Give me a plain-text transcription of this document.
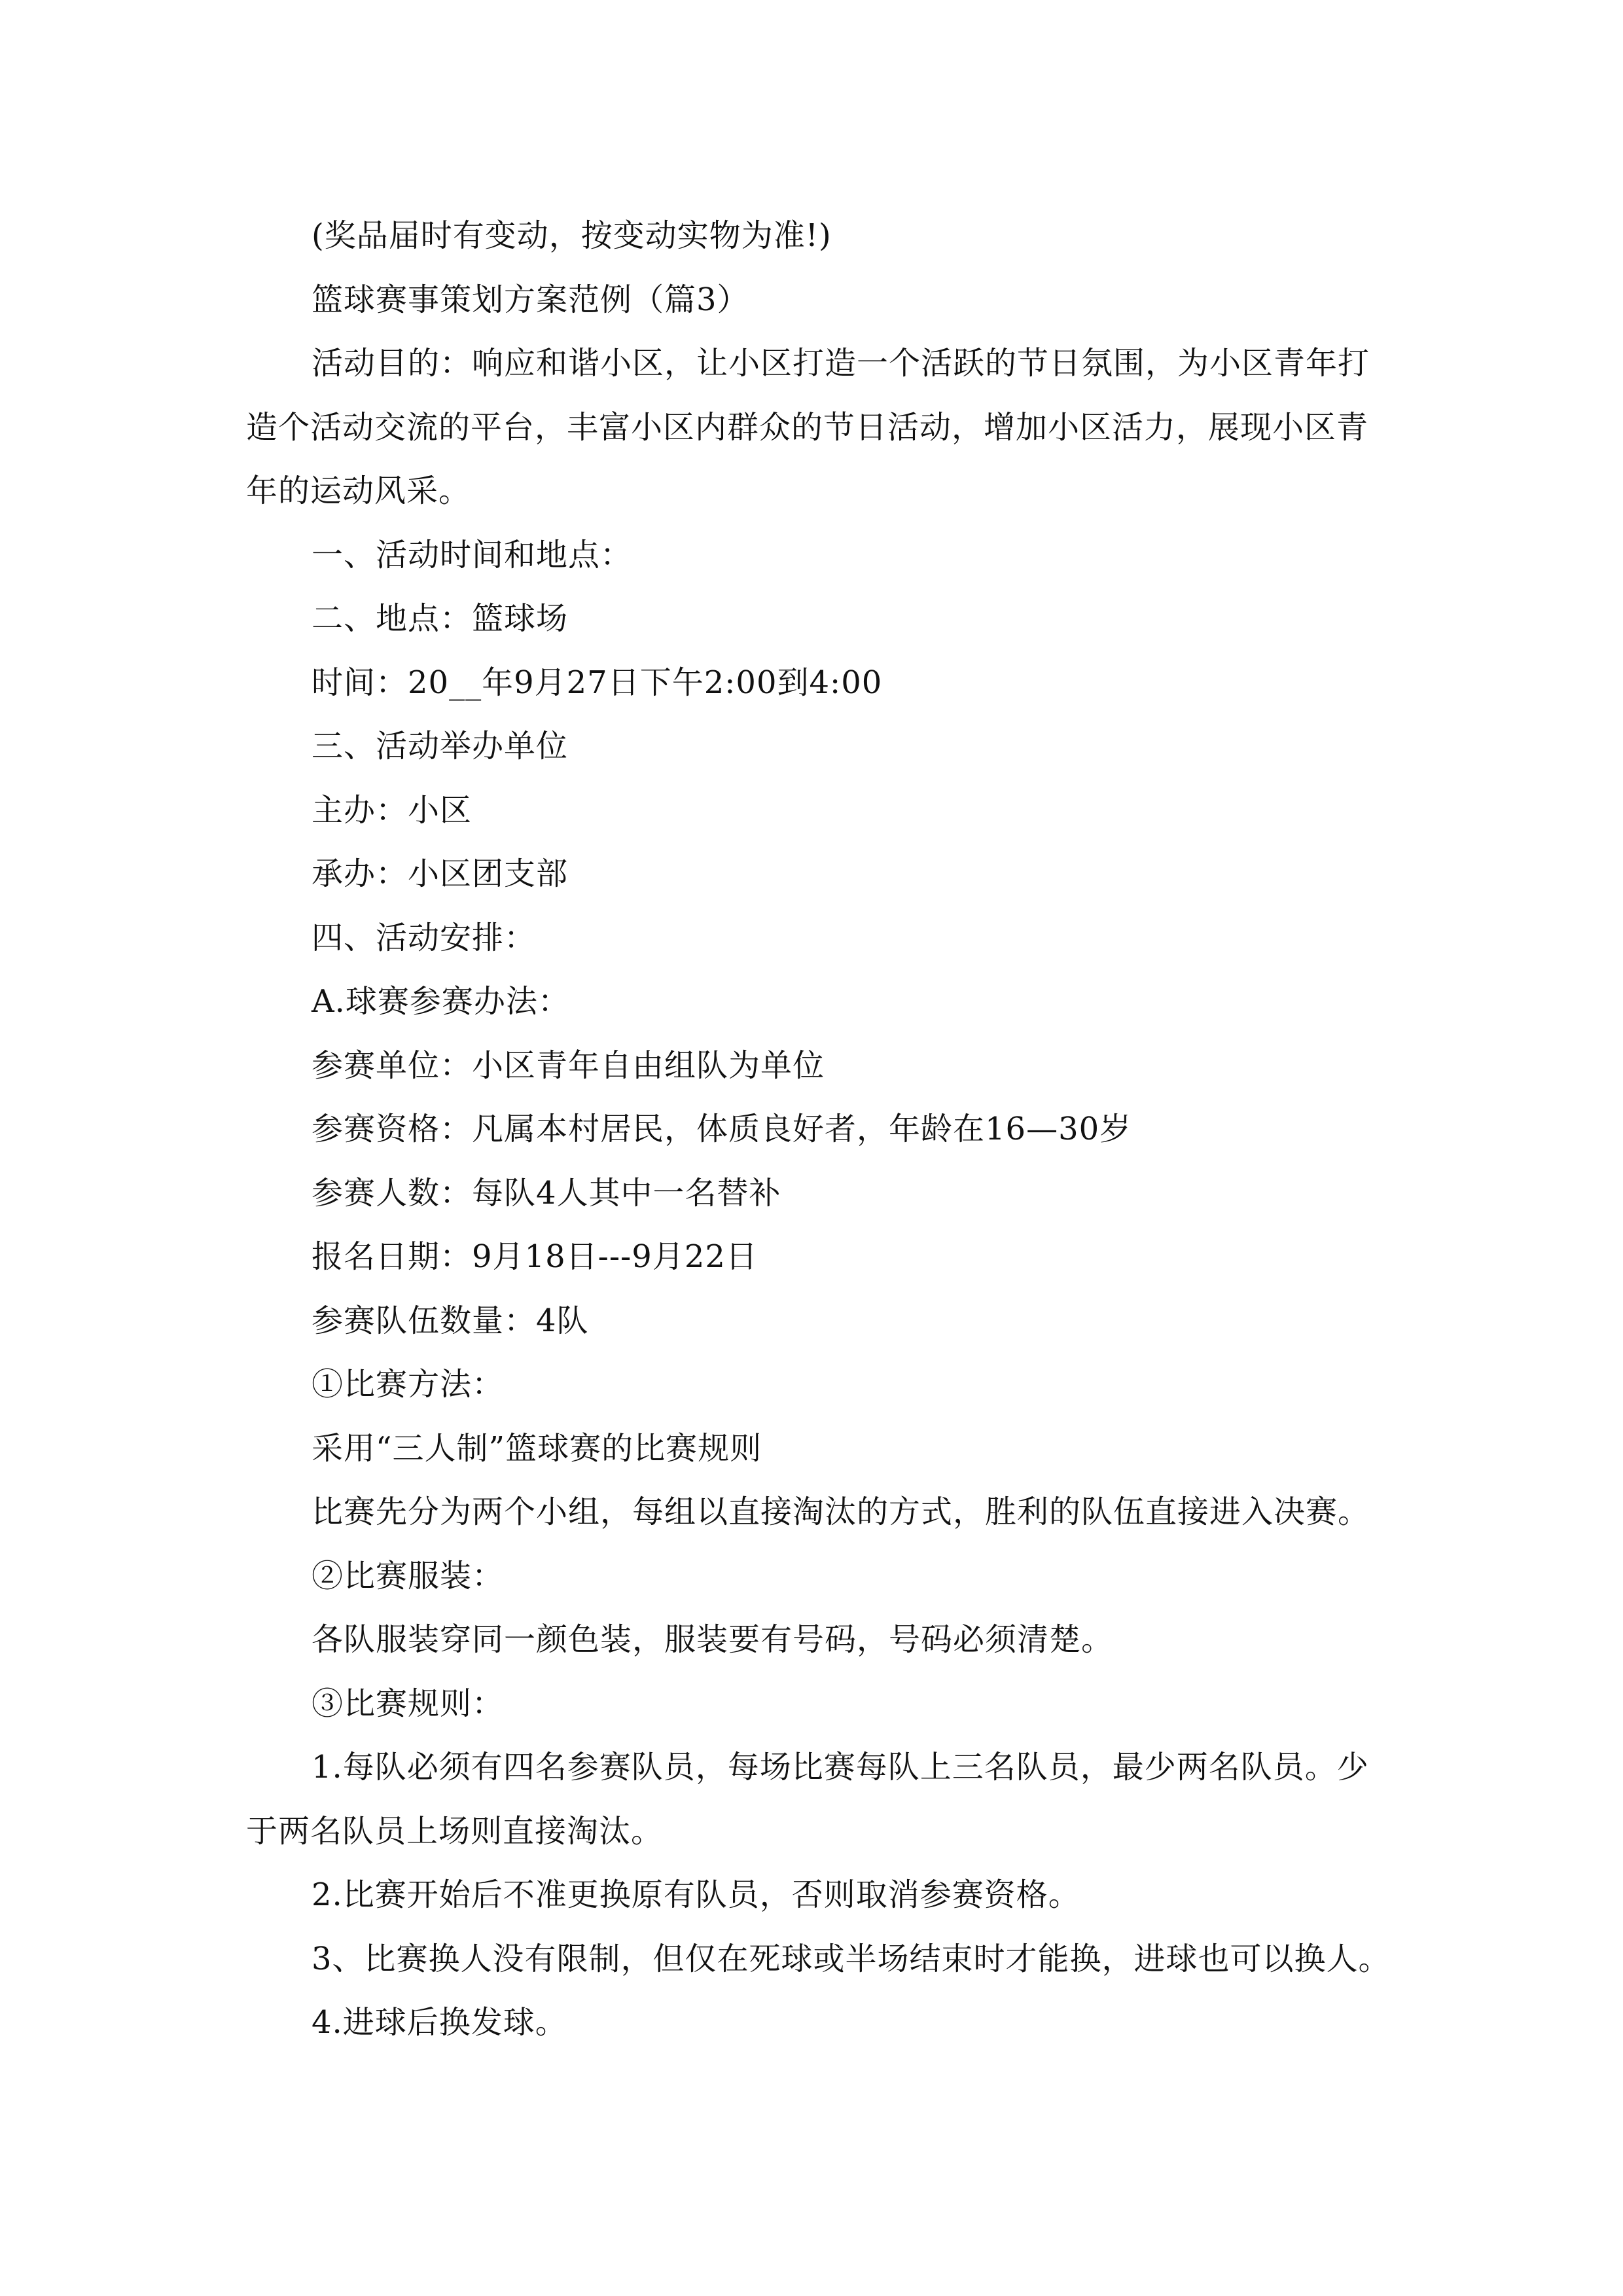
(奖品届时有变动，按变动实物为准!)
篮球赛事策划方案范例（篇3）
活动目的：响应和谐小区，让小区打造一个活跃的节日氛围，为小区青年打
造个活动交流的平台，丰富小区内群众的节日活动，增加小区活力，展现小区青
年的运动风采。
一、活动时间和地点：
二、地点：篮球场
时间：20__年9月27日下午2:00到4:00
三、活动举办单位
主办：小区
承办：小区团支部
四、活动安排：
A.球赛参赛办法：
参赛单位：小区青年自由组队为单位
参赛资格：凡属本村居民，体质良好者，年龄在16—30岁
参赛人数：每队4人其中一名替补
报名日期：9月18日---9月22日
参赛队伍数量：4队
①比赛方法：
采用“三人制”篮球赛的比赛规则
比赛先分为两个小组，每组以直接淘汰的方式，胜利的队伍直接进入决赛。
②比赛服装：
各队服装穿同一颜色装，服装要有号码，号码必须清楚。
③比赛规则：
1.每队必须有四名参赛队员，每场比赛每队上三名队员，最少两名队员。少
于两名队员上场则直接淘汰。
2.比赛开始后不准更换原有队员，否则取消参赛资格。
3、比赛换人没有限制，但仅在死球或半场结束时才能换，进球也可以换人。
4.进球后换发球。
